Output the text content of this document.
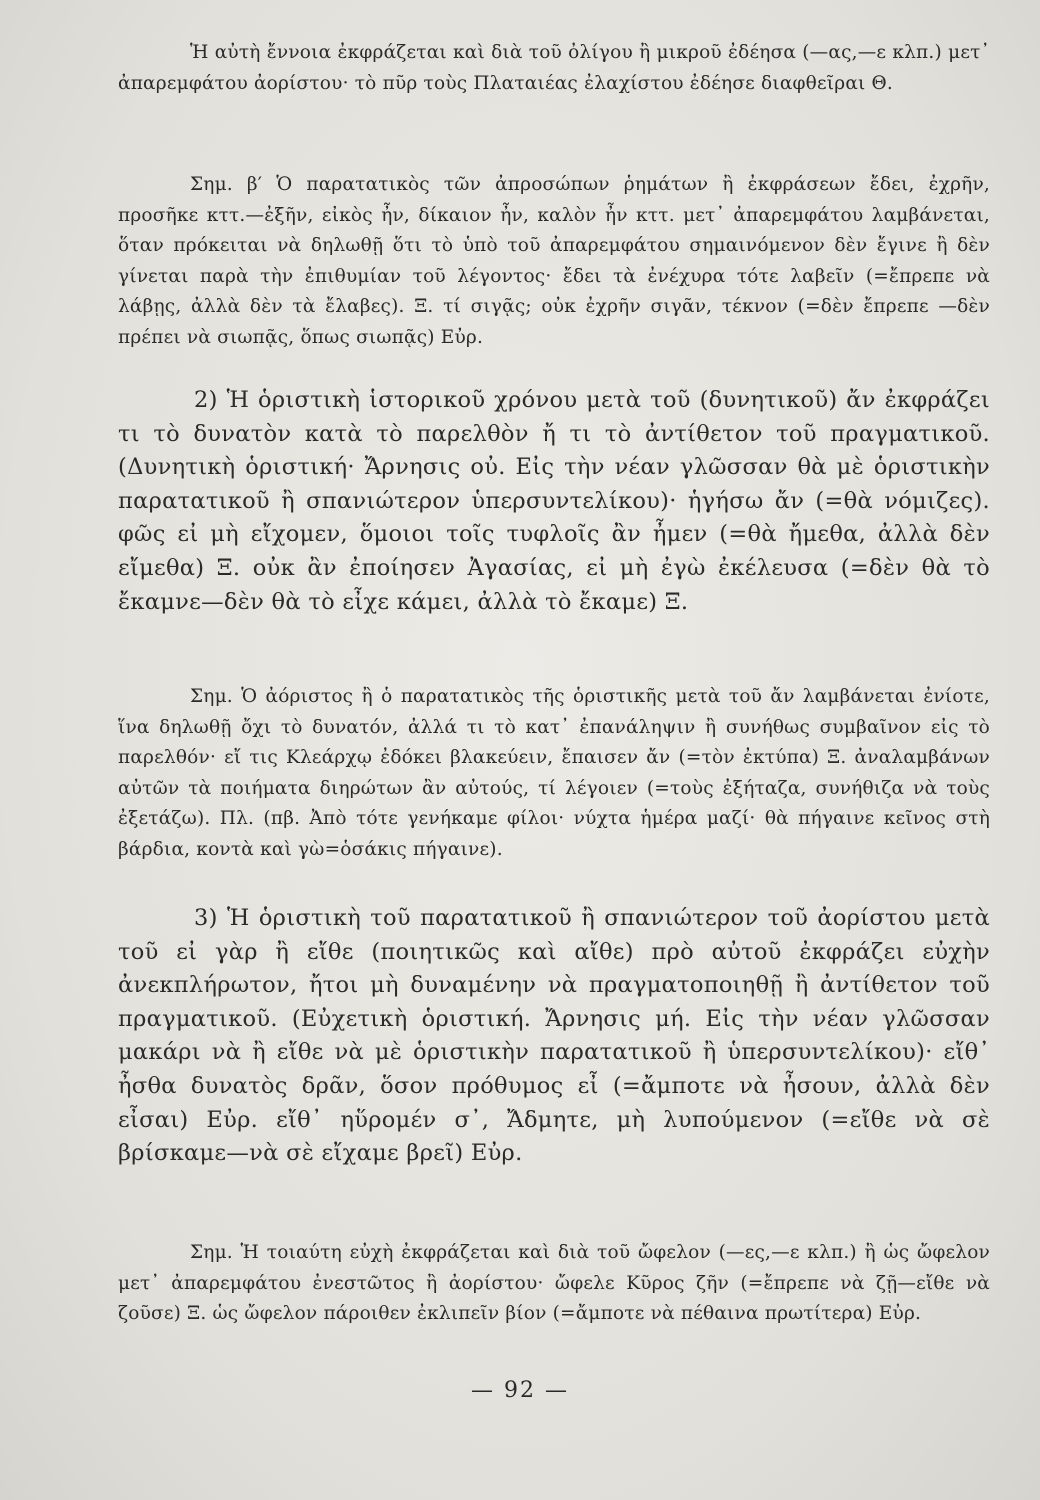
Ἡ αὐτὴ ἔννοια ἐκφράζεται καὶ διὰ τοῦ ὀλίγου ἢ μικροῦ ἐδέησα (—ας,—ε κλπ.) μετ᾽ ἀπαρεμφάτου ἀορίστου· τὸ πῦρ τοὺς Πλαταιέας ἐλαχίστου ἐδέησε διαφθεῖραι Θ.

Σημ. β′ Ὁ παρατατικὸς τῶν ἀπροσώπων ῥημάτων ἢ ἐκφράσεων ἔδει, ἐχρῆν, προσῆκε κττ.—ἐξῆν, εἰκὸς ἦν, δίκαιον ἦν, καλὸν ἦν κττ. μετ᾽ ἀπαρεμφάτου λαμβάνεται, ὅταν πρόκειται νὰ δηλωθῇ ὅτι τὸ ὑπὸ τοῦ ἀπαρεμφάτου σημαινόμενον δὲν ἔγινε ἢ δὲν γίνεται παρὰ τὴν ἐπιθυμίαν τοῦ λέγοντος· ἔδει τὰ ἐνέχυρα τότε λαβεῖν (=ἔπρεπε νὰ λάβῃς, ἀλλὰ δὲν τὰ ἔλαβες). Ξ. τί σιγᾷς; οὐκ ἐχρῆν σιγᾶν, τέκνον (=δὲν ἔπρεπε —δὲν πρέπει νὰ σιωπᾷς, ὅπως σιωπᾷς) Εὐρ.

2) Ἡ ὁριστικὴ ἱστορικοῦ χρόνου μετὰ τοῦ (δυνητικοῦ) ἄν ἐκφράζει τι τὸ δυνατὸν κατὰ τὸ παρελθὸν ἤ τι τὸ ἀντίθετον τοῦ πραγματικοῦ. (Δυνητικὴ ὁριστική· Ἄρνησις οὐ. Εἰς τὴν νέαν γλῶσσαν θὰ μὲ ὁριστικὴν παρατατικοῦ ἢ σπανιώτερον ὑπερσυντελίκου)· ἡγήσω ἄν (=θὰ νόμιζες). φῶς εἰ μὴ εἴχομεν, ὅμοιοι τοῖς τυφλοῖς ἂν ἦμεν (=θὰ ἤμεθα, ἀλλὰ δὲν εἴμεθα) Ξ. οὐκ ἂν ἐποίησεν Ἀγασίας, εἰ μὴ ἐγὼ ἐκέλευσα (=δὲν θὰ τὸ ἔκαμνε—δὲν θὰ τὸ εἶχε κάμει, ἀλλὰ τὸ ἔκαμε) Ξ.

Σημ. Ὁ ἀόριστος ἢ ὁ παρατατικὸς τῆς ὁριστικῆς μετὰ τοῦ ἄν λαμβάνεται ἐνίοτε, ἵνα δηλωθῇ ὄχι τὸ δυνατόν, ἀλλά τι τὸ κατ᾽ ἐπανάληψιν ἢ συνήθως συμβαῖνον εἰς τὸ παρελθόν· εἴ τις Κλεάρχῳ ἐδόκει βλακεύειν, ἔπαισεν ἄν (=τὸν ἐκτύπα) Ξ. ἀναλαμβάνων αὐτῶν τὰ ποιήματα διηρώτων ἂν αὐτούς, τί λέγοιεν (=τοὺς ἐξήταζα, συνήθιζα νὰ τοὺς ἐξετάζω). Πλ. (πβ. Ἀπὸ τότε γενήκαμε φίλοι· νύχτα ἡμέρα μαζί· θὰ πήγαινε κεῖνος στὴ βάρδια, κοντὰ καὶ γὼ=ὁσάκις πήγαινε).

3) Ἡ ὁριστικὴ τοῦ παρατατικοῦ ἢ σπανιώτερον τοῦ ἀορίστου μετὰ τοῦ εἰ γὰρ ἢ εἴθε (ποιητικῶς καὶ αἴθε) πρὸ αὐτοῦ ἐκφράζει εὐχὴν ἀνεκπλήρωτον, ἤτοι μὴ δυναμένην νὰ πραγματοποιηθῇ ἢ ἀντίθετον τοῦ πραγματικοῦ. (Εὐχετικὴ ὁριστική. Ἄρνησις μή. Εἰς τὴν νέαν γλῶσσαν μακάρι νὰ ἢ εἴθε νὰ μὲ ὁριστικὴν παρατατικοῦ ἢ ὑπερσυντελίκου)· εἴθ᾽ ἦσθα δυνατὸς δρᾶν, ὅσον πρόθυμος εἶ (=ἄμποτε νὰ ἦσουν, ἀλλὰ δὲν εἶσαι) Εὐρ. εἴθ᾽ ηὕρομέν σ᾽, Ἄδμητε, μὴ λυπούμενον (=εἴθε νὰ σὲ βρίσκαμε—νὰ σὲ εἴχαμε βρεῖ) Εὐρ.

Σημ. Ἡ τοιαύτη εὐχὴ ἐκφράζεται καὶ διὰ τοῦ ὤφελον (—ες,—ε κλπ.) ἢ ὡς ὤφελον μετ᾽ ἀπαρεμφάτου ἐνεστῶτος ἢ ἀορίστου· ὤφελε Κῦρος ζῆν (=ἔπρεπε νὰ ζῇ—εἴθε νὰ ζοῦσε) Ξ. ὡς ὤφελον πάροιθεν ἐκλιπεῖν βίον (=ἄμποτε νὰ πέθαινα πρωτίτερα) Εὐρ.

— 92 —
